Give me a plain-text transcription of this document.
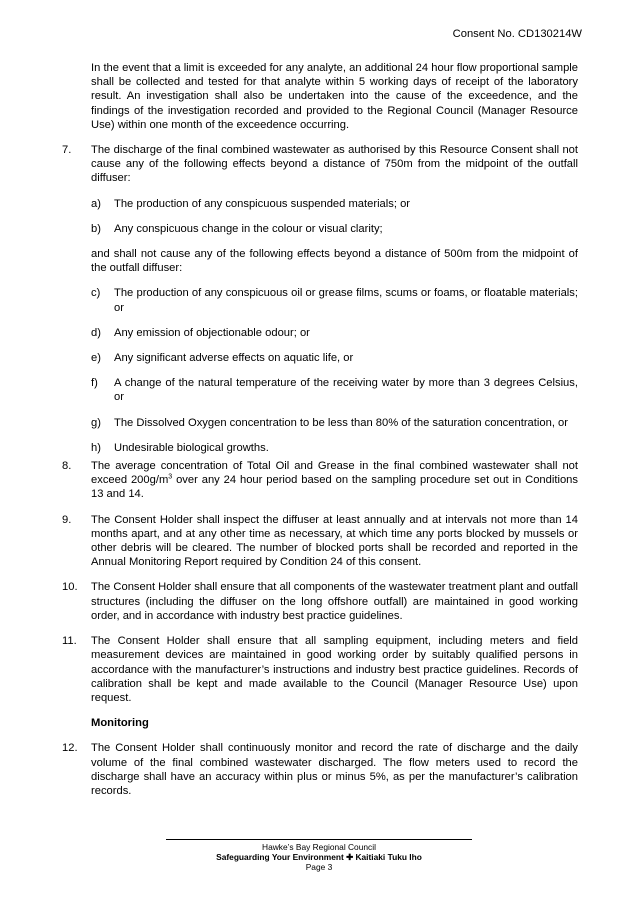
Consent No. CD130214W

In the event that a limit is exceeded for any analyte, an additional 24 hour flow proportional sample shall be collected and tested for that analyte within 5 working days of receipt of the laboratory result. An investigation shall also be undertaken into the cause of the exceedence, and the findings of the investigation recorded and provided to the Regional Council (Manager Resource Use) within one month of the exceedence occurring.

7. The discharge of the final combined wastewater as authorised by this Resource Consent shall not cause any of the following effects beyond a distance of 750m from the midpoint of the outfall diffuser:
a) The production of any conspicuous suspended materials; or
b) Any conspicuous change in the colour or visual clarity;

and shall not cause any of the following effects beyond a distance of 500m from the midpoint of the outfall diffuser:

c) The production of any conspicuous oil or grease films, scums or foams, or floatable materials; or
d) Any emission of objectionable odour; or
e) Any significant adverse effects on aquatic life, or
f) A change of the natural temperature of the receiving water by more than 3 degrees Celsius, or
g) The Dissolved Oxygen concentration to be less than 80% of the saturation concentration, or
h) Undesirable biological growths.
8. The average concentration of Total Oil and Grease in the final combined wastewater shall not exceed $200g/m^3$ over any 24 hour period based on the sampling procedure set out in Conditions 13 and 14.
9. The Consent Holder shall inspect the diffuser at least annually and at intervals not more than 14 months apart, and at any other time as necessary, at which time any ports blocked by mussels or other debris will be cleared. The number of blocked ports shall be recorded and reported in the Annual Monitoring Report required by Condition 24 of this consent.
10. The Consent Holder shall ensure that all components of the wastewater treatment plant and outfall structures (including the diffuser on the long offshore outfall) are maintained in good working order, and in accordance with industry best practice guidelines.
11. The Consent Holder shall ensure that all sampling equipment, including meters and field measurement devices are maintained in good working order by suitably qualified persons in accordance with the manufacturer’s instructions and industry best practice guidelines. Records of calibration shall be kept and made available to the Council (Manager Resource Use) upon request.
Monitoring
12. The Consent Holder shall continuously monitor and record the rate of discharge and the daily volume of the final combined wastewater discharged. The flow meters used to record the discharge shall have an accuracy within plus or minus 5%, as per the manufacturer’s calibration records.
Hawke’s Bay Regional Council
Safeguarding Your Environment ✚ Kaitiaki Tuku Iho
Page 3
